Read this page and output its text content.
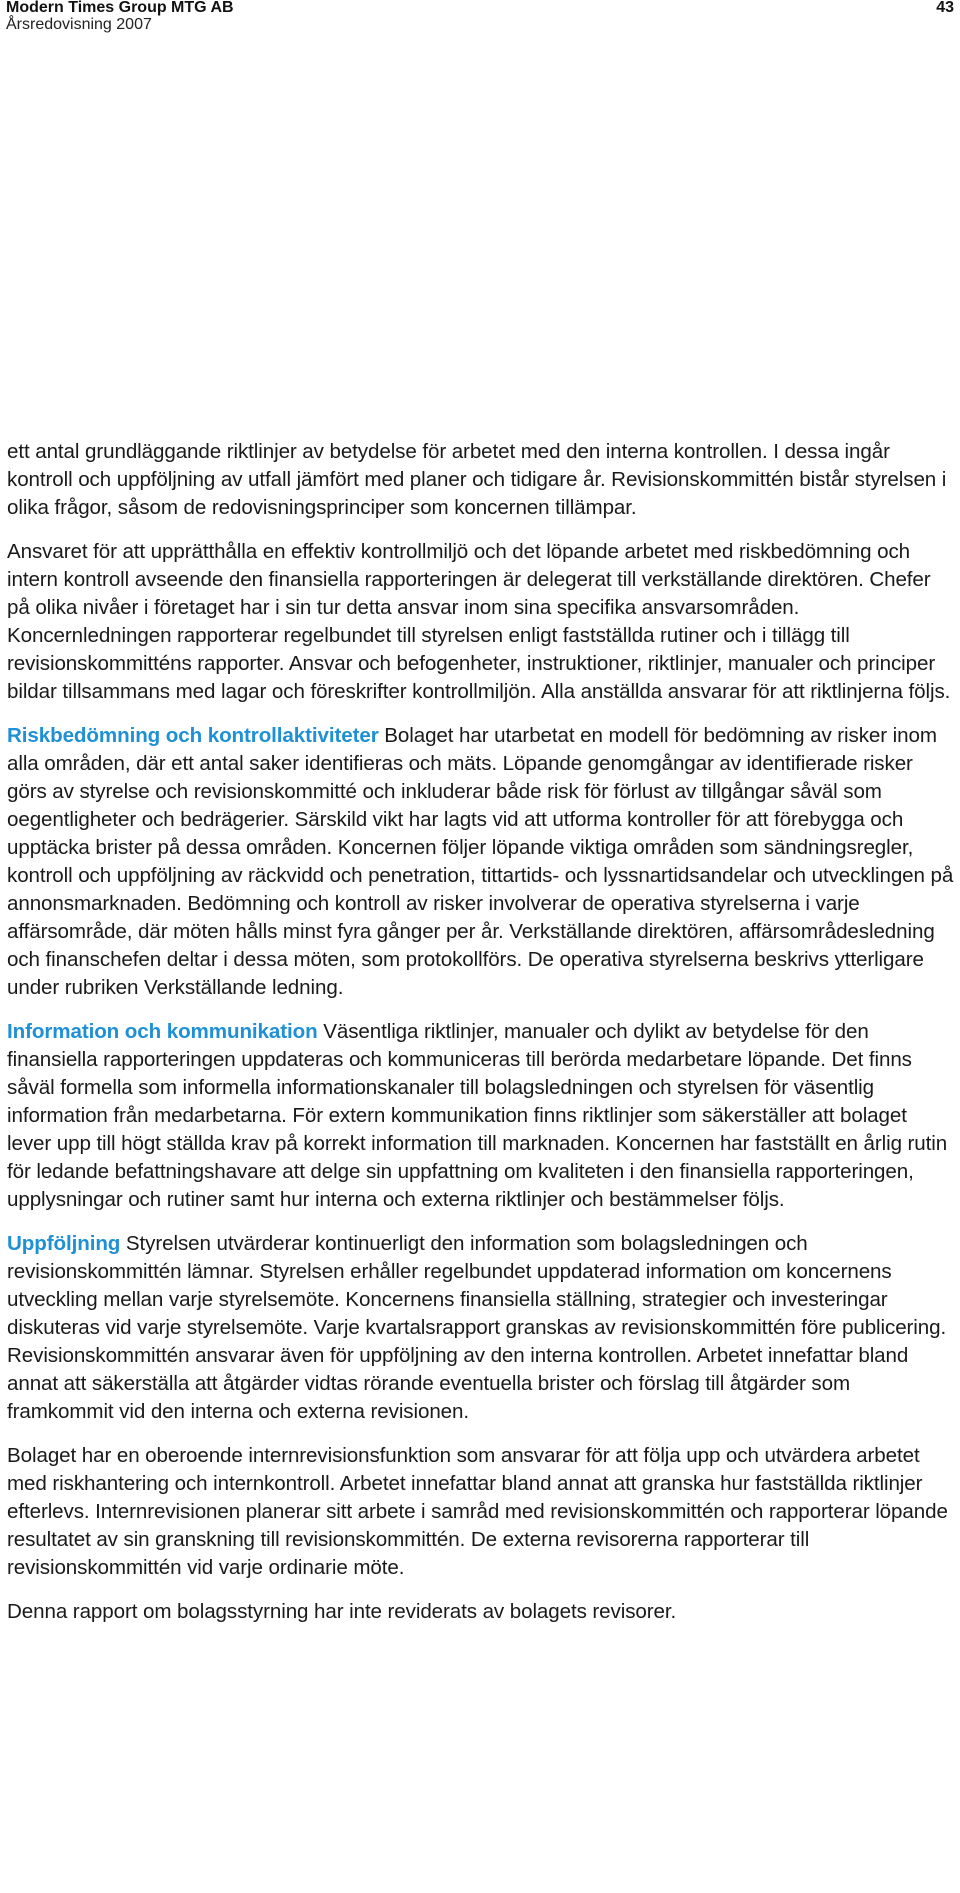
Modern Times Group MTG AB
Årsredovisning 2007
43

ett antal grundläggande riktlinjer av betydelse för arbetet med den interna kontrollen. I dessa ingår kontroll och uppföljning av utfall jämfört med planer och tidigare år. Revisionskommittén bistår styrelsen i olika frågor, såsom de redovisningsprinciper som koncernen tillämpar.

Ansvaret för att upprätthålla en effektiv kontrollmiljö och det löpande arbetet med riskbedömning och intern kontroll avseende den finansiella rapporteringen är delegerat till verkställande direktören. Chefer på olika nivåer i företaget har i sin tur detta ansvar inom sina specifika ansvarsområden. Koncernledningen rapporterar regelbundet till styrelsen enligt fastställda rutiner och i tillägg till revisionskommitténs rapporter. Ansvar och befogenheter, instruktioner, riktlinjer, manualer och principer bildar tillsammans med lagar och föreskrifter kontrollmiljön. Alla anställda ansvarar för att riktlinjerna följs.

Riskbedömning och kontrollaktiviteter Bolaget har utarbetat en modell för bedömning av risker inom alla områden, där ett antal saker identifieras och mäts. Löpande genomgångar av identifierade risker görs av styrelse och revisionskommitté och inkluderar både risk för förlust av tillgångar såväl som oegentligheter och bedrägerier. Särskild vikt har lagts vid att utforma kontroller för att förebygga och upptäcka brister på dessa områden. Koncernen följer löpande viktiga områden som sändningsregler, kontroll och uppföljning av räckvidd och penetration, tittartids- och lyssnartidsandelar och utvecklingen på annonsmarknaden. Bedömning och kontroll av risker involverar de operativa styrelserna i varje affärsområde, där möten hålls minst fyra gånger per år. Verkställande direktören, affärsområdesledning och finanschefen deltar i dessa möten, som protokollförs. De operativa styrelserna beskrivs ytterligare under rubriken Verkställande ledning.

Information och kommunikation Väsentliga riktlinjer, manualer och dylikt av betydelse för den finansiella rapporteringen uppdateras och kommuniceras till berörda medarbetare löpande. Det finns såväl formella som informella informationskanaler till bolagsledningen och styrelsen för väsentlig information från medarbetarna. För extern kommunikation finns riktlinjer som säkerställer att bolaget lever upp till högt ställda krav på korrekt information till marknaden. Koncernen har fastställt en årlig rutin för ledande befattningshavare att delge sin uppfattning om kvaliteten i den finansiella rapporteringen, upplysningar och rutiner samt hur interna och externa riktlinjer och bestämmelser följs.

Uppföljning Styrelsen utvärderar kontinuerligt den information som bolagsledningen och revisionskommittén lämnar. Styrelsen erhåller regelbundet uppdaterad information om koncernens utveckling mellan varje styrelsemöte. Koncernens finansiella ställning, strategier och investeringar diskuteras vid varje styrelsemöte. Varje kvartalsrapport granskas av revisionskommittén före publicering. Revisionskommittén ansvarar även för uppföljning av den interna kontrollen. Arbetet innefattar bland annat att säkerställa att åtgärder vidtas rörande eventuella brister och förslag till åtgärder som framkommit vid den interna och externa revisionen.

Bolaget har en oberoende internrevisionsfunktion som ansvarar för att följa upp och utvärdera arbetet med riskhantering och internkontroll. Arbetet innefattar bland annat att granska hur fastställda riktlinjer efterlevs. Internrevisionen planerar sitt arbete i samråd med revisionskommittén och rapporterar löpande resultatet av sin granskning till revisionskommittén. De externa revisorerna rapporterar till revisionskommittén vid varje ordinarie möte.

Denna rapport om bolagsstyrning har inte reviderats av bolagets revisorer.
